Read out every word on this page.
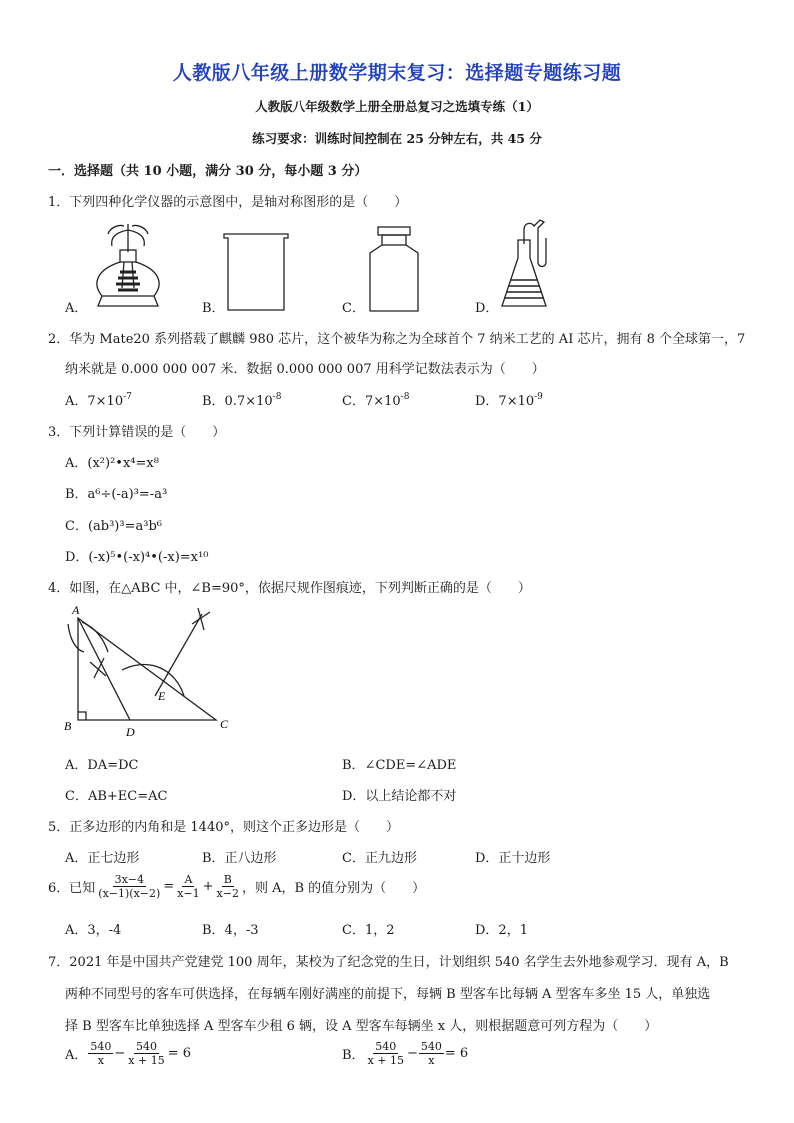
人教版八年级上册数学期末复习：选择题专题练习题
人教版八年级数学上册全册总复习之选填专练（1）
练习要求：训练时间控制在 25 分钟左右，共 45 分
一．选择题（共 10 小题，满分 30 分，每小题 3 分）
1．下列四种化学仪器的示意图中，是轴对称图形的是（　　）
A．	B．	C．	D．
2．华为 Mate20 系列搭载了麒麟 980 芯片，这个被华为称之为全球首个 7 纳米工艺的 AI 芯片，拥有 8 个全球第一，7
纳米就是 0.000 000 007 米．数据 0.000 000 007 用科学记数法表示为（　　）
A．$7\times 10^{-7}$	B．$0.7\times 10^{-8}$	C．$7\times 10^{-8}$	D．$7\times 10^{-9}$
3．下列计算错误的是（　　）
A．(x²)²•x⁴=x⁸
B．a⁶÷(-a)³=-a³
C．(ab³)³=a³b⁶
D．(-x)⁵•(-x)⁴•(-x)=x¹⁰
4．如图，在△ABC 中，∠B=90°，依据尺规作图痕迹，下列判断正确的是（　　）
A
B	C
D
E
A．DA=DC	B．∠CDE=∠ADE
C．AB+EC=AC	D．以上结论都不对
5．正多边形的内角和是 1440°，则这个正多边形是（　　）
A．正七边形	B．正八边形	C．正九边形	D．正十边形
6．已知 $\frac{3x-4}{(x-1)(x-2)} = \frac{A}{x-1} + \frac{B}{x-2}$ ，则 A，B 的值分别为（　　）
A．3，-4	B．4，-3	C．1，2	D．2，1
7．2021 年是中国共产党建党 100 周年，某校为了纪念党的生日，计划组织 540 名学生去外地参观学习．现有 A，B
两种不同型号的客车可供选择，在每辆车刚好满座的前提下，每辆 B 型客车比每辆 A 型客车多坐 15 人，单独选
择 B 型客车比单独选择 A 型客车少租 6 辆，设 A 型客车每辆坐 x 人，则根据题意可列方程为（　　）
A． $\frac{540}{x} - \frac{540}{x + 15} = 6$	B． $\frac{540}{x + 15} - \frac{540}{x} = 6$
